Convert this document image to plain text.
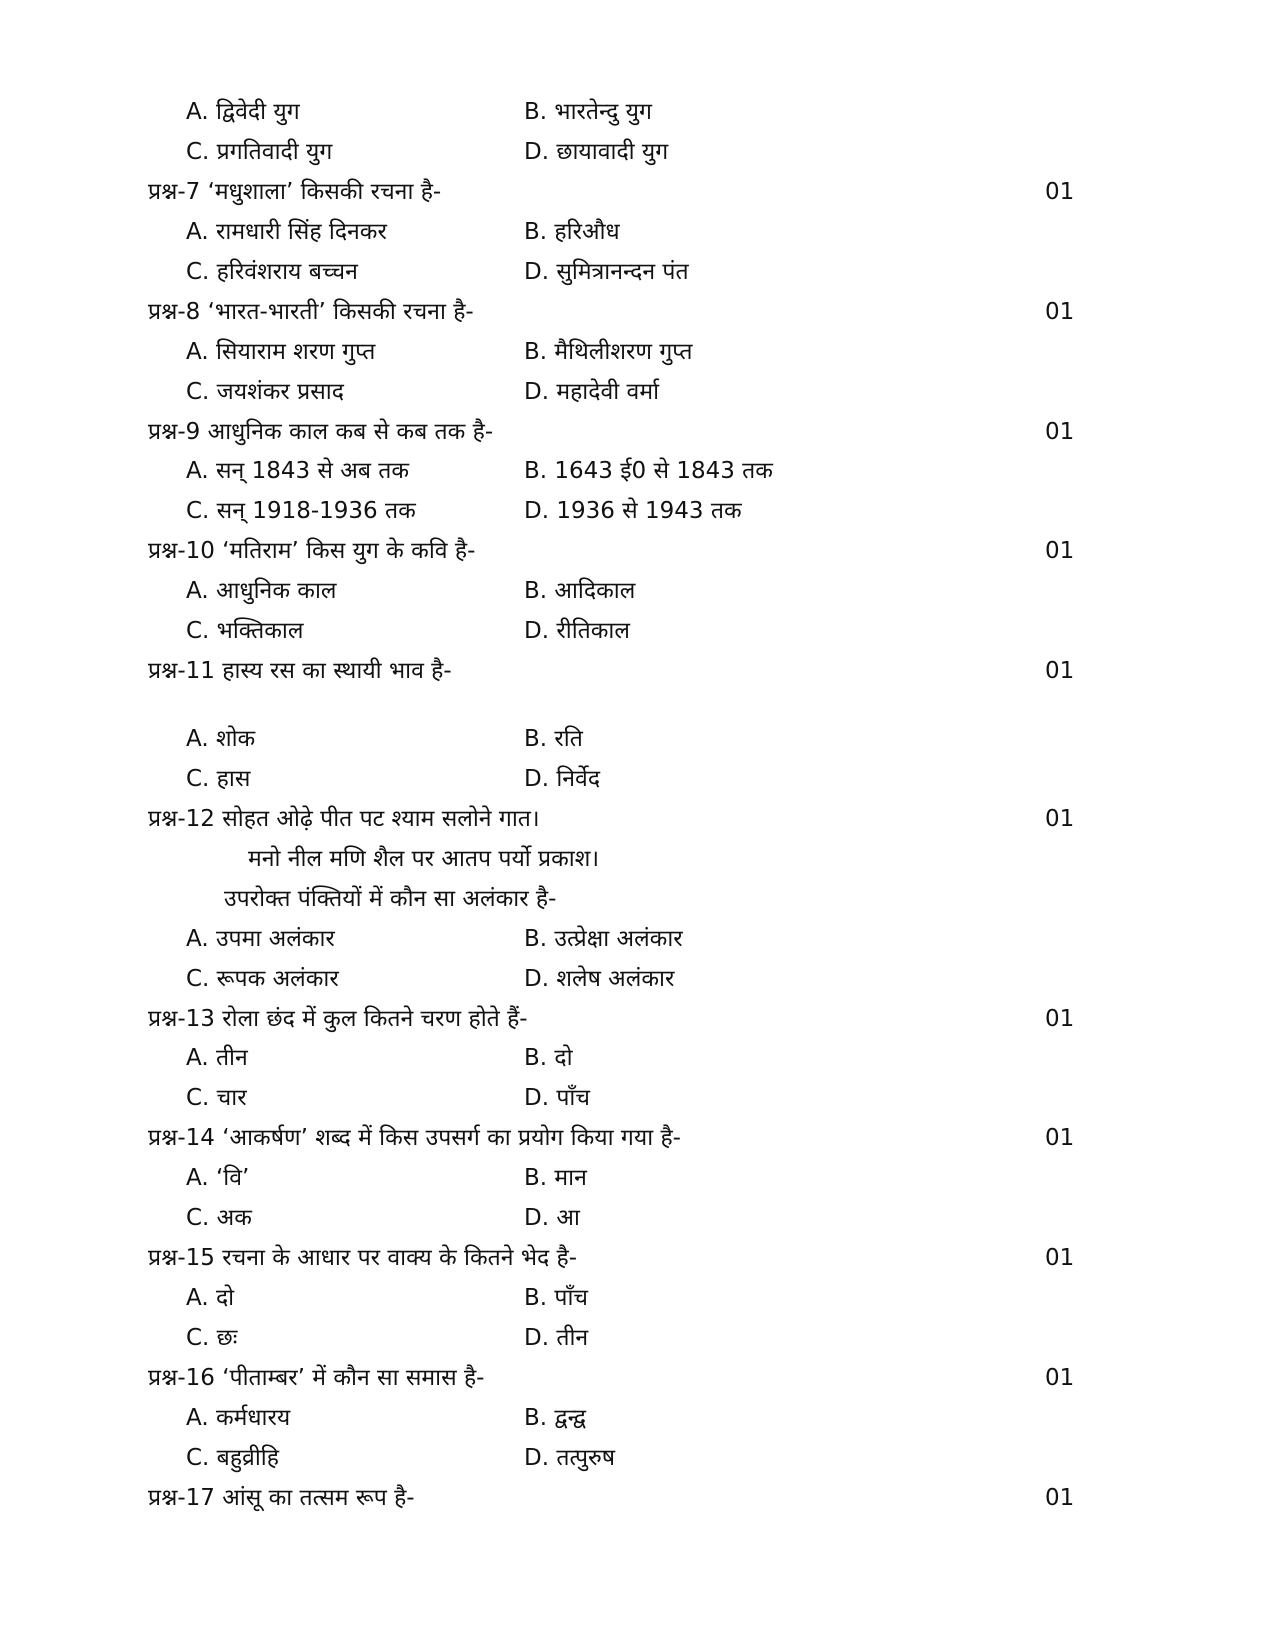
A. द्विवेदी युग	B. भारतेन्दु युग
C. प्रगतिवादी युग	D. छायावादी युग
प्रश्न-7 ‘मधुशाला’ किसकी रचना है-	01
A. रामधारी सिंह दिनकर	B. हरिऔध
C. हरिवंशराय बच्चन	D. सुमित्रानन्दन पंत
प्रश्न-8 ‘भारत-भारती’ किसकी रचना है-	01
A. सियाराम शरण गुप्त	B. मैथिलीशरण गुप्त
C. जयशंकर प्रसाद	D. महादेवी वर्मा
प्रश्न-9 आधुनिक काल कब से कब तक है-	01
A. सन् 1843 से अब तक	B. 1643 ई0 से 1843 तक
C. सन् 1918-1936 तक	D. 1936 से 1943 तक
प्रश्न-10 ‘मतिराम’ किस युग के कवि है-	01
A. आधुनिक काल	B. आदिकाल
C. भक्तिकाल	D. रीतिकाल
प्रश्न-11 हास्य रस का स्थायी भाव है-	01
A. शोक	B. रति
C. हास	D. निर्वेद
प्रश्न-12 सोहत ओढ़े पीत पट श्याम सलोने गात।	01
मनो नील मणि शैल पर आतप पर्यो प्रकाश।
उपरोक्त पंक्तियों में कौन सा अलंकार है-
A. उपमा अलंकार	B. उत्प्रेक्षा अलंकार
C. रूपक अलंकार	D. शलेष अलंकार
प्रश्न-13 रोला छंद में कुल कितने चरण होते हैं-	01
A. तीन	B. दो
C. चार	D. पाँच
प्रश्न-14 ‘आकर्षण’ शब्द में किस उपसर्ग का प्रयोग किया गया है-	01
A. ‘वि’	B. मान
C. अक	D. आ
प्रश्न-15 रचना के आधार पर वाक्य के कितने भेद है-	01
A. दो	B. पाँच
C. छः	D. तीन
प्रश्न-16 ‘पीताम्बर’ में कौन सा समास है-	01
A. कर्मधारय	B. द्वन्द्व
C. बहुव्रीहि	D. तत्पुरुष
प्रश्न-17 आंसू का तत्सम रूप है-	01
